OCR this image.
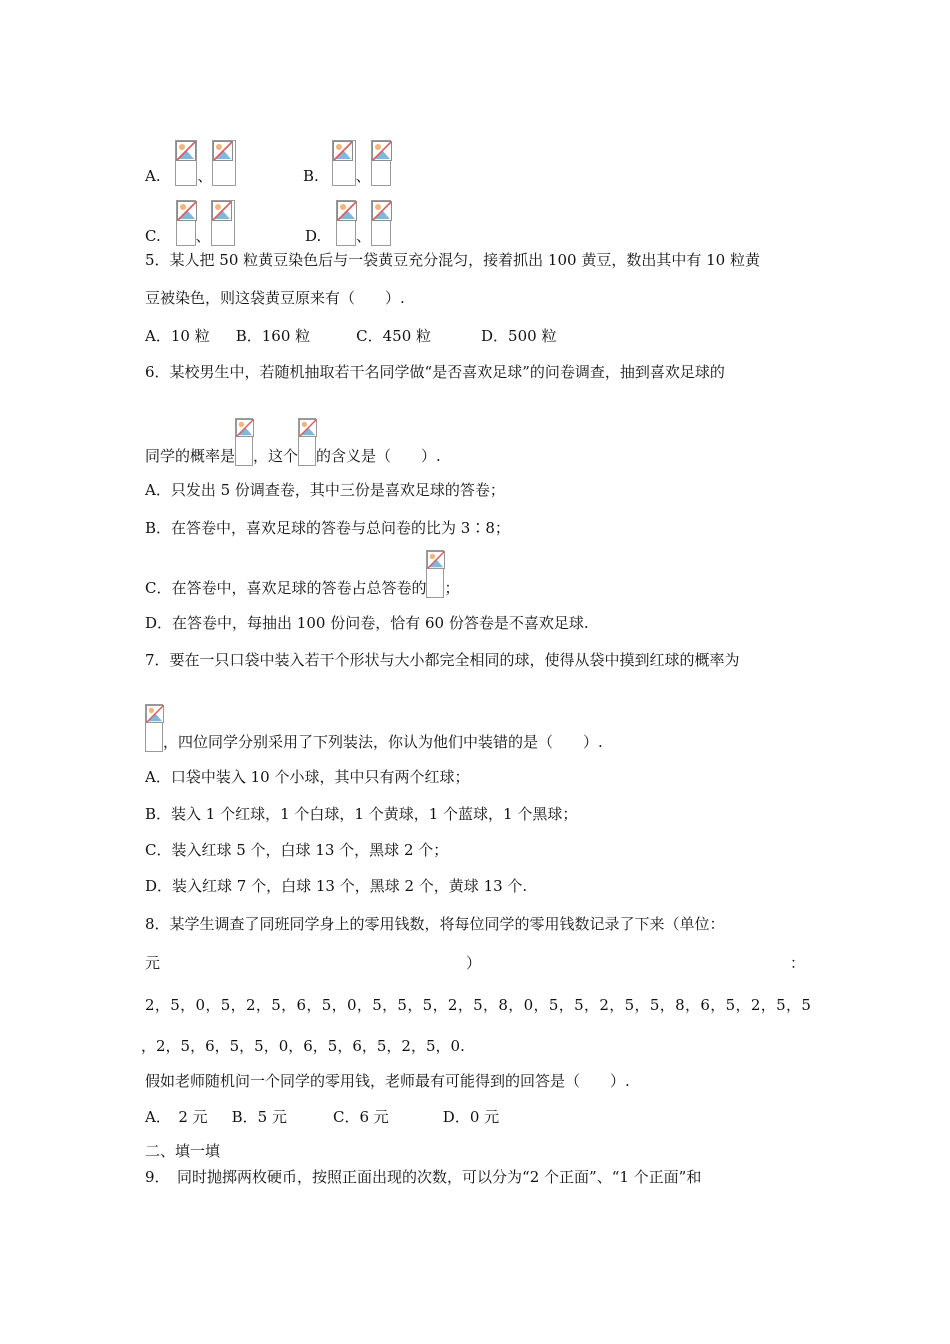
A. 、	B. 、
C. 、	D. 、
5．某人把 50 粒黄豆染色后与一袋黄豆充分混匀，接着抓出 100 黄豆，数出其中有 10 粒黄
豆被染色，则这袋黄豆原来有（　　）.
A．10 粒 B．160 粒	C．450 粒	D．500 粒
6．某校男生中，若随机抽取若干名同学做“是否喜欢足球”的问卷调查，抽到喜欢足球的
同学的概率是 ，这个 的含义是（　　）.
A．只发出 5 份调查卷，其中三份是喜欢足球的答卷；
B．在答卷中，喜欢足球的答卷与总问卷的比为 3∶8；
C．在答卷中，喜欢足球的答卷占总答卷的 ；
D．在答卷中，每抽出 100 份问卷，恰有 60 份答卷是不喜欢足球.
7．要在一只口袋中装入若干个形状与大小都完全相同的球，使得从袋中摸到红球的概率为
，四位同学分别采用了下列装法，你认为他们中装错的是（　　）.
A．口袋中装入 10 个小球，其中只有两个红球；
B．装入 1 个红球，1 个白球，1 个黄球，1 个蓝球，1 个黑球；
C．装入红球 5 个，白球 13 个，黑球 2 个；
D．装入红球 7 个，白球 13 个，黑球 2 个，黄球 13 个.
8．某学生调查了同班同学身上的零用钱数，将每位同学的零用钱数记录了下来（单位：
元	）	：
2，5，0，5，2，5，6，5，0，5，5，5，2，5，8，0，5，5，2，5，5，8，6，5，2，5，5
，2，5，6，5，5，0，6，5，6，5，2，5，0.
假如老师随机问一个同学的零用钱，老师最有可能得到的回答是（　　）.
A．　2 元 B．5 元	C．6 元	D．0 元
二、填一填
9．　同时抛掷两枚硬币，按照正面出现的次数，可以分为“2 个正面”、“1 个正面”和
